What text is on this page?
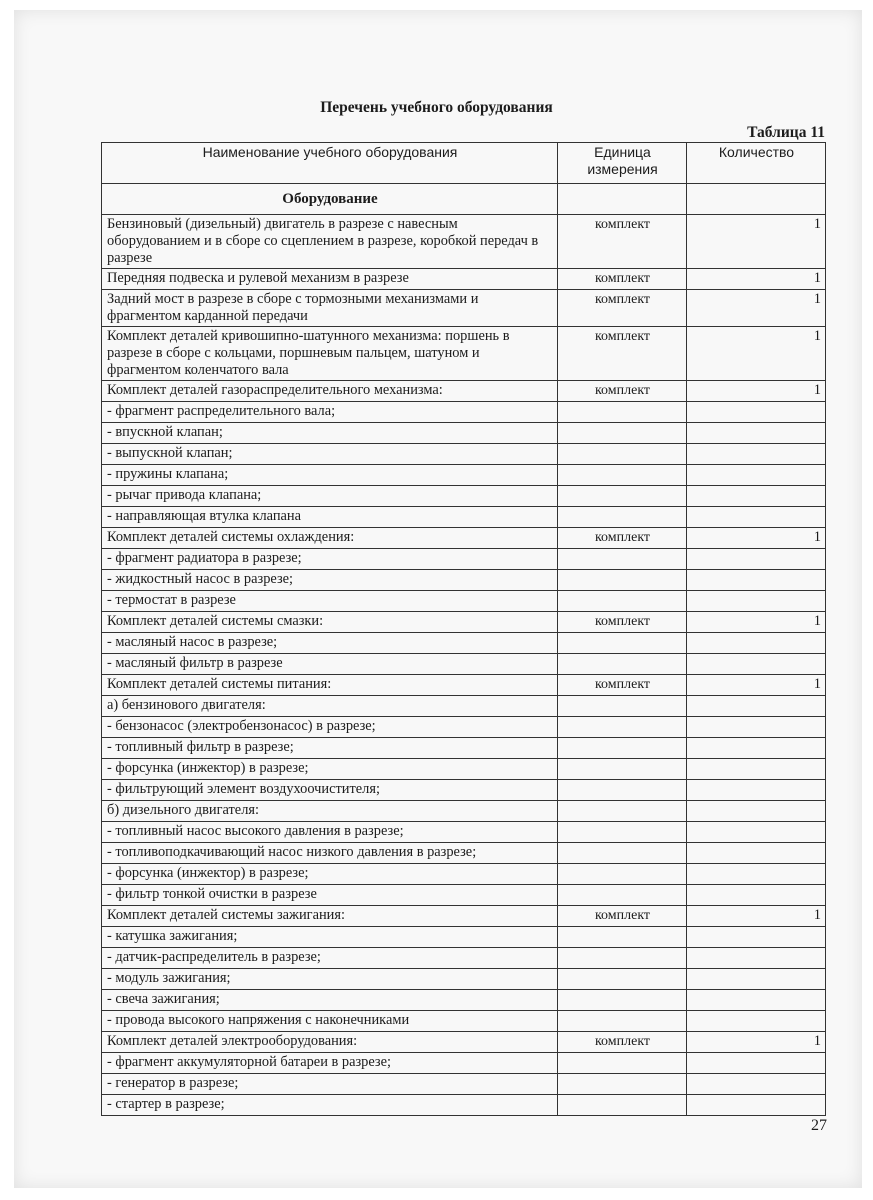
Перечень учебного оборудования
Таблица 11
Наименование учебного оборудования	Единица измерения	Количество
Оборудование		
Бензиновый (дизельный) двигатель в разрезе с навесным оборудованием и в сборе со сцеплением в разрезе, коробкой передач в разрезе	комплект	1
Передняя подвеска и рулевой механизм в разрезе	комплект	1
Задний мост в разрезе в сборе с тормозными механизмами и фрагментом карданной передачи	комплект	1
Комплект деталей кривошипно-шатунного механизма: поршень в разрезе в сборе с кольцами, поршневым пальцем, шатуном и фрагментом коленчатого вала	комплект	1
Комплект деталей газораспределительного механизма:	комплект	1
- фрагмент распределительного вала;		
- впускной клапан;		
- выпускной клапан;		
- пружины клапана;		
- рычаг привода клапана;		
- направляющая втулка клапана		
Комплект деталей системы охлаждения:	комплект	1
- фрагмент радиатора в разрезе;		
- жидкостный насос в разрезе;		
- термостат в разрезе		
Комплект деталей системы смазки:	комплект	1
- масляный насос в разрезе;		
- масляный фильтр в разрезе		
Комплект деталей системы питания:	комплект	1
а) бензинового двигателя:		
- бензонасос (электробензонасос) в разрезе;		
- топливный фильтр в разрезе;		
- форсунка (инжектор) в разрезе;		
- фильтрующий элемент воздухоочистителя;		
б) дизельного двигателя:		
- топливный насос высокого давления в разрезе;		
- топливоподкачивающий насос низкого давления в разрезе;		
- форсунка (инжектор) в разрезе;		
- фильтр тонкой очистки в разрезе		
Комплект деталей системы зажигания:	комплект	1
- катушка зажигания;		
- датчик-распределитель в разрезе;		
- модуль зажигания;		
- свеча зажигания;		
- провода высокого напряжения с наконечниками		
Комплект деталей электрооборудования:	комплект	1
- фрагмент аккумуляторной батареи в разрезе;		
- генератор в разрезе;		
- стартер в разрезе;		
27
